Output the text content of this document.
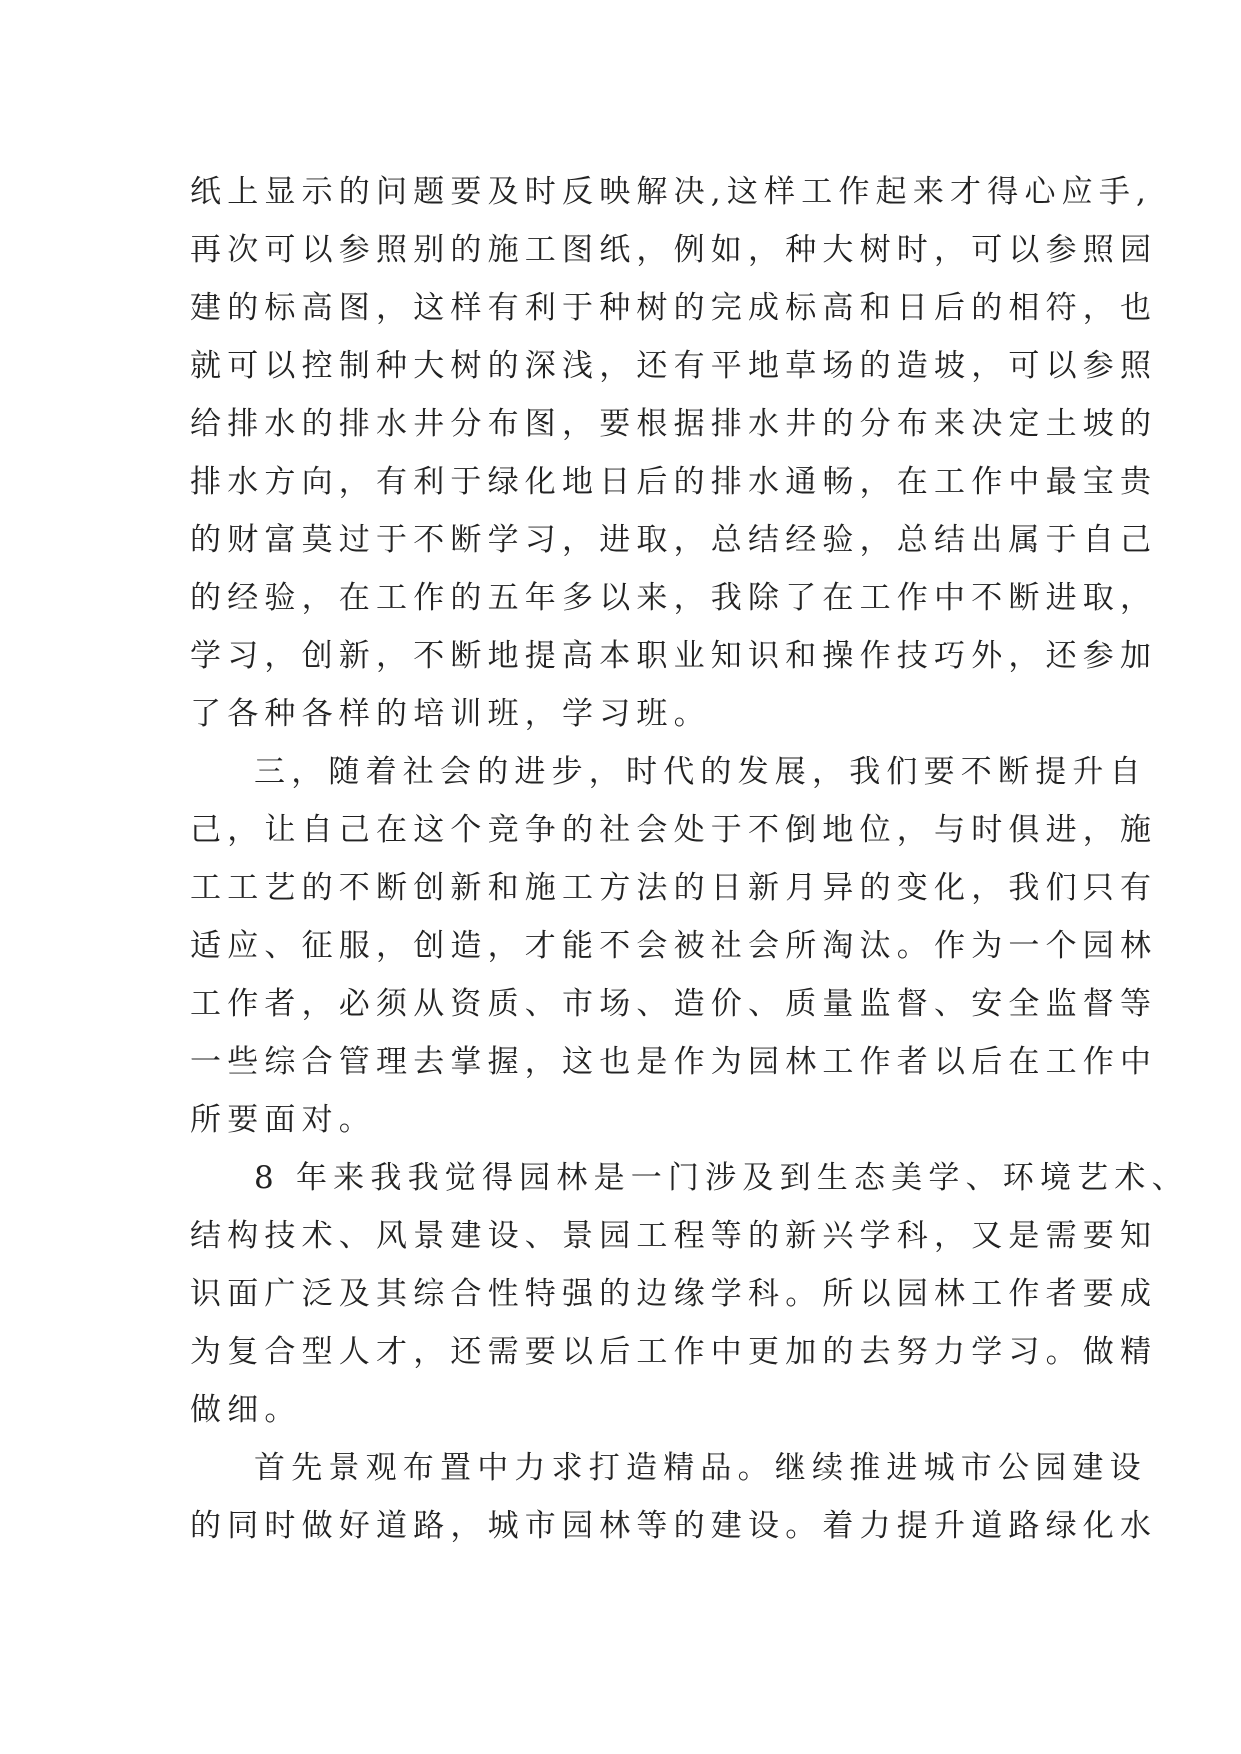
纸上显示的问题要及时反映解决,这样工作起来才得心应手,
再次可以参照别的施工图纸，例如，种大树时，可以参照园
建的标高图，这样有利于种树的完成标高和日后的相符，也
就可以控制种大树的深浅，还有平地草场的造坡，可以参照
给排水的排水井分布图，要根据排水井的分布来决定土坡的
排水方向，有利于绿化地日后的排水通畅，在工作中最宝贵
的财富莫过于不断学习，进取，总结经验，总结出属于自己
的经验，在工作的五年多以来，我除了在工作中不断进取，
学习，创新，不断地提高本职业知识和操作技巧外，还参加
了各种各样的培训班，学习班。
三，随着社会的进步，时代的发展，我们要不断提升自
己，让自己在这个竞争的社会处于不倒地位，与时俱进，施
工工艺的不断创新和施工方法的日新月异的变化，我们只有
适应、征服，创造，才能不会被社会所淘汰。作为一个园林
工作者，必须从资质、市场、造价、质量监督、安全监督等
一些综合管理去掌握，这也是作为园林工作者以后在工作中
所要面对。
8 年来我我觉得园林是一门涉及到生态美学、环境艺术、
结构技术、风景建设、景园工程等的新兴学科，又是需要知
识面广泛及其综合性特强的边缘学科。所以园林工作者要成
为复合型人才，还需要以后工作中更加的去努力学习。做精
做细。
首先景观布置中力求打造精品。继续推进城市公园建设
的同时做好道路，城市园林等的建设。着力提升道路绿化水
